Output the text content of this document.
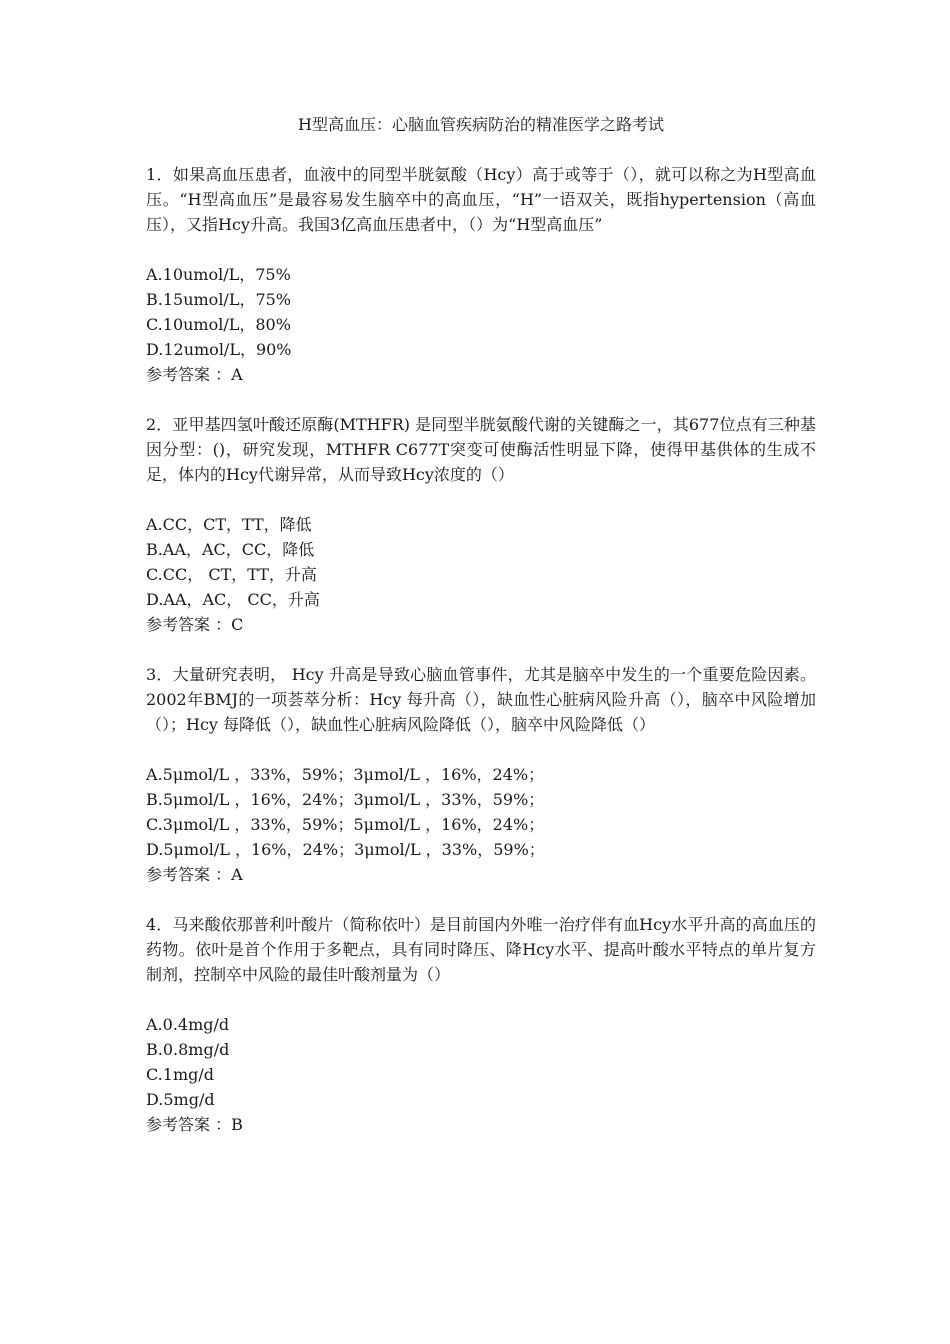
H型高血压：心脑血管疾病防治的精准医学之路考试

1．如果高血压患者，血液中的同型半胱氨酸（Hcy）高于或等于（），就可以称之为H型高血压。“H型高血压”是最容易发生脑卒中的高血压，“H”一语双关，既指hypertension（高血压），又指Hcy升高。我国3亿高血压患者中，（）为“H型高血压”

A.10umol/L，75%

B.15umol/L，75%

C.10umol/L，80%

D.12umol/L，90%

参考答案 ：A

2．亚甲基四氢叶酸还原酶(MTHFR) 是同型半胱氨酸代谢的关键酶之一，其677位点有三种基因分型：()，研究发现，MTHFR C677T突变可使酶活性明显下降，使得甲基供体的生成不足，体内的Hcy代谢异常，从而导致Hcy浓度的（）

A.CC，CT，TT，降低

B.AA，AC，CC，降低

C.CC， CT，TT，升高

D.AA，AC， CC，升高

参考答案 ：C

3．大量研究表明， Hcy 升高是导致心脑血管事件，尤其是脑卒中发生的一个重要危险因素。2002年BMJ的一项荟萃分析：Hcy 每升高（），缺血性心脏病风险升高（），脑卒中风险增加（）；Hcy 每降低（），缺血性心脏病风险降低（），脑卒中风险降低（）

A.5μmol/L ，33%，59%；3μmol/L ，16%，24%；

B.5μmol/L ，16%，24%；3μmol/L ，33%，59%；

C.3μmol/L ，33%，59%；5μmol/L ，16%，24%；

D.5μmol/L ，16%，24%；3μmol/L ，33%，59%；

参考答案 ：A

4．马来酸依那普利叶酸片（简称依叶）是目前国内外唯一治疗伴有血Hcy水平升高的高血压的药物。依叶是首个作用于多靶点，具有同时降压、降Hcy水平、提高叶酸水平特点的单片复方制剂，控制卒中风险的最佳叶酸剂量为（）

A.0.4mg/d

B.0.8mg/d

C.1mg/d

D.5mg/d

参考答案 ：B
